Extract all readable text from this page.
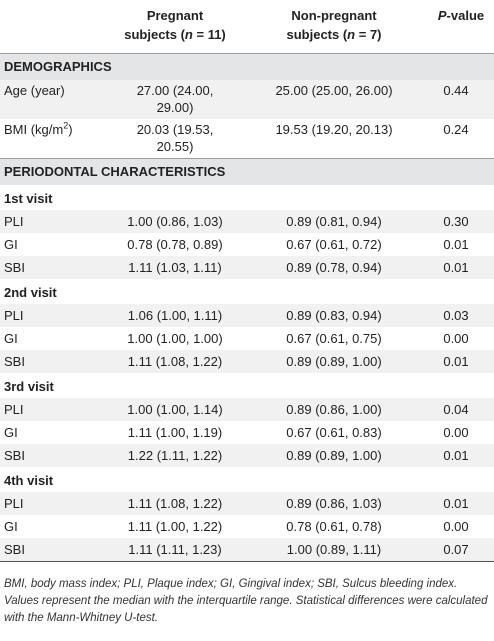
	Pregnant
subjects (n = 11)	Non-pregnant
subjects (n = 7)	P-value
DEMOGRAPHICS			
Age (year)	27.00 (24.00,
29.00)	25.00 (25.00, 26.00)	0.44
BMI $(kg/m^2)$	20.03 (19.53,
20.55)	19.53 (19.20, 20.13)	0.24
PERIODONTAL CHARACTERISTICS			
1st visit			
PLI	1.00 (0.86, 1.03)	0.89 (0.81, 0.94)	0.30
GI	0.78 (0.78, 0.89)	0.67 (0.61, 0.72)	0.01
SBI	1.11 (1.03, 1.11)	0.89 (0.78, 0.94)	0.01
2nd visit			
PLI	1.06 (1.00, 1.11)	0.89 (0.83, 0.94)	0.03
GI	1.00 (1.00, 1.00)	0.67 (0.61, 0.75)	0.00
SBI	1.11 (1.08, 1.22)	0.89 (0.89, 1.00)	0.01
3rd visit			
PLI	1.00 (1.00, 1.14)	0.89 (0.86, 1.00)	0.04
GI	1.11 (1.00, 1.19)	0.67 (0.61, 0.83)	0.00
SBI	1.22 (1.11, 1.22)	0.89 (0.89, 1.00)	0.01
4th visit			
PLI	1.11 (1.08, 1.22)	0.89 (0.86, 1.03)	0.01
GI	1.11 (1.00, 1.22)	0.78 (0.61, 0.78)	0.00
SBI	1.11 (1.11, 1.23)	1.00 (0.89, 1.11)	0.07
BMI, body mass index; PLI, Plaque index; GI, Gingival index; SBI, Sulcus bleeding index. Values represent the median with the interquartile range. Statistical differences were calculated with the Mann-Whitney U-test.
